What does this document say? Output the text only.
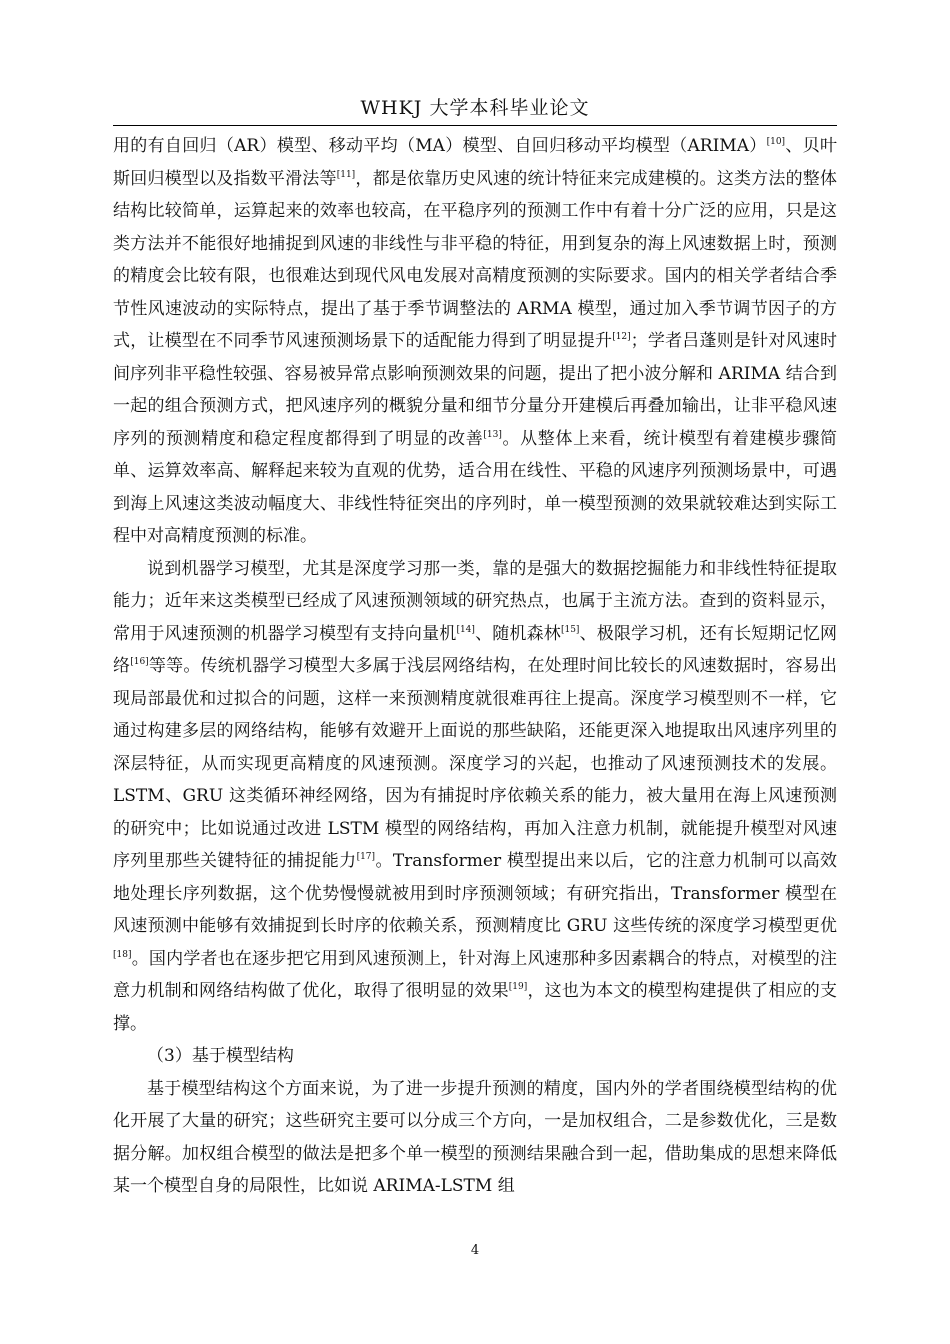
WHKJ 大学本科毕业论文

用的有自回归（AR）模型、移动平均（MA）模型、自回归移动平均模型（ARIMA）[10]、贝叶斯回归模型以及指数平滑法等[11]，都是依靠历史风速的统计特征来完成建模的。这类方法的整体结构比较简单，运算起来的效率也较高，在平稳序列的预测工作中有着十分广泛的应用，只是这类方法并不能很好地捕捉到风速的非线性与非平稳的特征，用到复杂的海上风速数据上时，预测的精度会比较有限，也很难达到现代风电发展对高精度预测的实际要求。国内的相关学者结合季节性风速波动的实际特点，提出了基于季节调整法的 ARMA 模型，通过加入季节调节因子的方式，让模型在不同季节风速预测场景下的适配能力得到了明显提升[12]；学者吕蓬则是针对风速时间序列非平稳性较强、容易被异常点影响预测效果的问题，提出了把小波分解和 ARIMA 结合到一起的组合预测方式，把风速序列的概貌分量和细节分量分开建模后再叠加输出，让非平稳风速序列的预测精度和稳定程度都得到了明显的改善[13]。从整体上来看，统计模型有着建模步骤简单、运算效率高、解释起来较为直观的优势，适合用在线性、平稳的风速序列预测场景中，可遇到海上风速这类波动幅度大、非线性特征突出的序列时，单一模型预测的效果就较难达到实际工程中对高精度预测的标准。

说到机器学习模型，尤其是深度学习那一类，靠的是强大的数据挖掘能力和非线性特征提取能力；近年来这类模型已经成了风速预测领域的研究热点，也属于主流方法。查到的资料显示，常用于风速预测的机器学习模型有支持向量机[14]、随机森林[15]、极限学习机，还有长短期记忆网络[16]等等。传统机器学习模型大多属于浅层网络结构，在处理时间比较长的风速数据时，容易出现局部最优和过拟合的问题，这样一来预测精度就很难再往上提高。深度学习模型则不一样，它通过构建多层的网络结构，能够有效避开上面说的那些缺陷，还能更深入地提取出风速序列里的深层特征，从而实现更高精度的风速预测。深度学习的兴起，也推动了风速预测技术的发展。LSTM、GRU 这类循环神经网络，因为有捕捉时序依赖关系的能力，被大量用在海上风速预测的研究中；比如说通过改进 LSTM 模型的网络结构，再加入注意力机制，就能提升模型对风速序列里那些关键特征的捕捉能力[17]。Transformer 模型提出来以后，它的注意力机制可以高效地处理长序列数据，这个优势慢慢就被用到时序预测领域；有研究指出，Transformer 模型在风速预测中能够有效捕捉到长时序的依赖关系，预测精度比 GRU 这些传统的深度学习模型更优[18]。国内学者也在逐步把它用到风速预测上，针对海上风速那种多因素耦合的特点，对模型的注意力机制和网络结构做了优化，取得了很明显的效果[19]，这也为本文的模型构建提供了相应的支撑。

（3）基于模型结构

基于模型结构这个方面来说，为了进一步提升预测的精度，国内外的学者围绕模型结构的优化开展了大量的研究；这些研究主要可以分成三个方向，一是加权组合，二是参数优化，三是数据分解。加权组合模型的做法是把多个单一模型的预测结果融合到一起，借助集成的思想来降低某一个模型自身的局限性，比如说 ARIMA-LSTM 组

4
